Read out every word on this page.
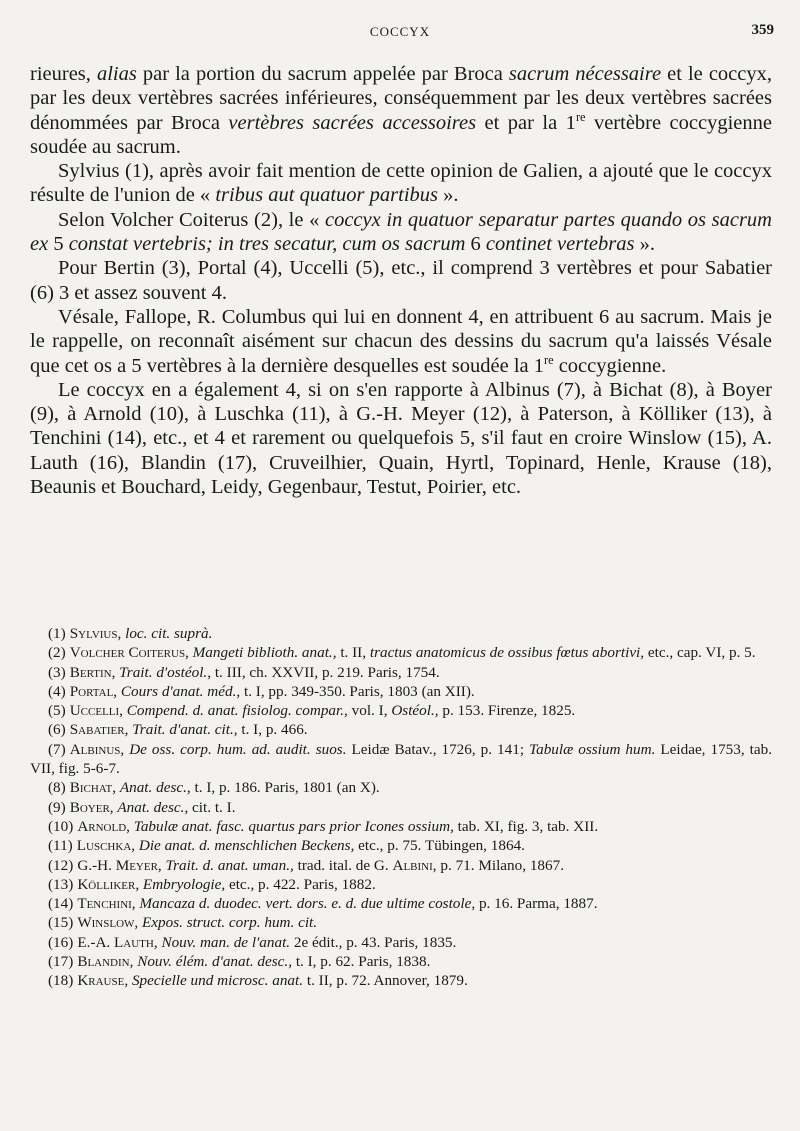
COCCYX	359

rieures, alias par la portion du sacrum appelée par Broca sacrum nécessaire et le coccyx, par les deux vertèbres sacrées inférieures, conséquemment par les deux vertèbres sacrées dénommées par Broca vertèbres sacrées accessoires et par la 1re vertèbre coccygienne soudée au sacrum.

Sylvius (1), après avoir fait mention de cette opinion de Galien, a ajouté que le coccyx résulte de l'union de « tribus aut quatuor partibus ».

Selon Volcher Coiterus (2), le « coccyx in quatuor separatur partes quando os sacrum ex 5 constat vertebris; in tres secatur, cum os sacrum 6 continet vertebras ».

Pour Bertin (3), Portal (4), Uccelli (5), etc., il comprend 3 vertèbres et pour Sabatier (6) 3 et assez souvent 4.

Vésale, Fallope, R. Columbus qui lui en donnent 4, en attribuent 6 au sacrum. Mais je le rappelle, on reconnaît aisément sur chacun des dessins du sacrum qu'a laissés Vésale que cet os a 5 vertèbres à la dernière desquelles est soudée la 1re coccygienne.

Le coccyx en a également 4, si on s'en rapporte à Albinus (7), à Bichat (8), à Boyer (9), à Arnold (10), à Luschka (11), à G.-H. Meyer (12), à Paterson, à Kölliker (13), à Tenchini (14), etc., et 4 et rarement ou quelquefois 5, s'il faut en croire Winslow (15), A. Lauth (16), Blandin (17), Cruveilhier, Quain, Hyrtl, Topinard, Henle, Krause (18), Beaunis et Bouchard, Leidy, Gegenbaur, Testut, Poirier, etc.

(1) Sylvius, loc. cit. suprà.

(2) Volcher Coiterus, Mangeti biblioth. anat., t. II, tractus anatomicus de ossibus fœtus abortivi, etc., cap. VI, p. 5.

(3) Bertin, Trait. d'ostéol., t. III, ch. XXVII, p. 219. Paris, 1754.

(4) Portal, Cours d'anat. méd., t. I, pp. 349-350. Paris, 1803 (an XII).

(5) Uccelli, Compend. d. anat. fisiolog. compar., vol. I, Ostéol., p. 153. Firenze, 1825.

(6) Sabatier, Trait. d'anat. cit., t. I, p. 466.

(7) Albinus, De oss. corp. hum. ad. audit. suos. Leidæ Batav., 1726, p. 141; Tabulæ ossium hum. Leidae, 1753, tab. VII, fig. 5-6-7.

(8) Bichat, Anat. desc., t. I, p. 186. Paris, 1801 (an X).

(9) Boyer, Anat. desc., cit. t. I.

(10) Arnold, Tabulæ anat. fasc. quartus pars prior Icones ossium, tab. XI, fig. 3, tab. XII.

(11) Luschka, Die anat. d. menschlichen Beckens, etc., p. 75. Tübingen, 1864.

(12) G.-H. Meyer, Trait. d. anat. uman., trad. ital. de G. Albini, p. 71. Milano, 1867.

(13) Kölliker, Embryologie, etc., p. 422. Paris, 1882.

(14) Tenchini, Mancaza d. duodec. vert. dors. e. d. due ultime costole, p. 16. Parma, 1887.

(15) Winslow, Expos. struct. corp. hum. cit.

(16) E.-A. Lauth, Nouv. man. de l'anat. 2e édit., p. 43. Paris, 1835.

(17) Blandin, Nouv. élém. d'anat. desc., t. I, p. 62. Paris, 1838.

(18) Krause, Specielle und microsc. anat. t. II, p. 72. Annover, 1879.
